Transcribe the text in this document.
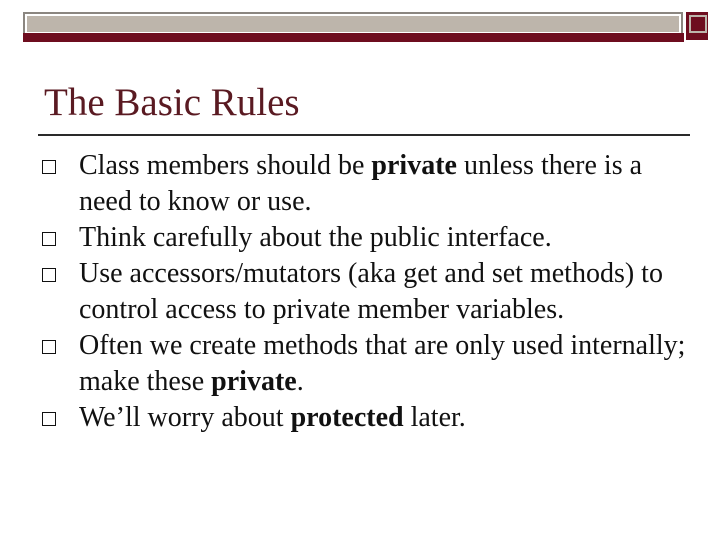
The Basic Rules
Class members should be private unless there is a need to know or use.
Think carefully about the public interface.
Use accessors/mutators (aka get and set methods) to control access to private member variables.
Often we create methods that are only used internally; make these private.
We’ll worry about protected later.
